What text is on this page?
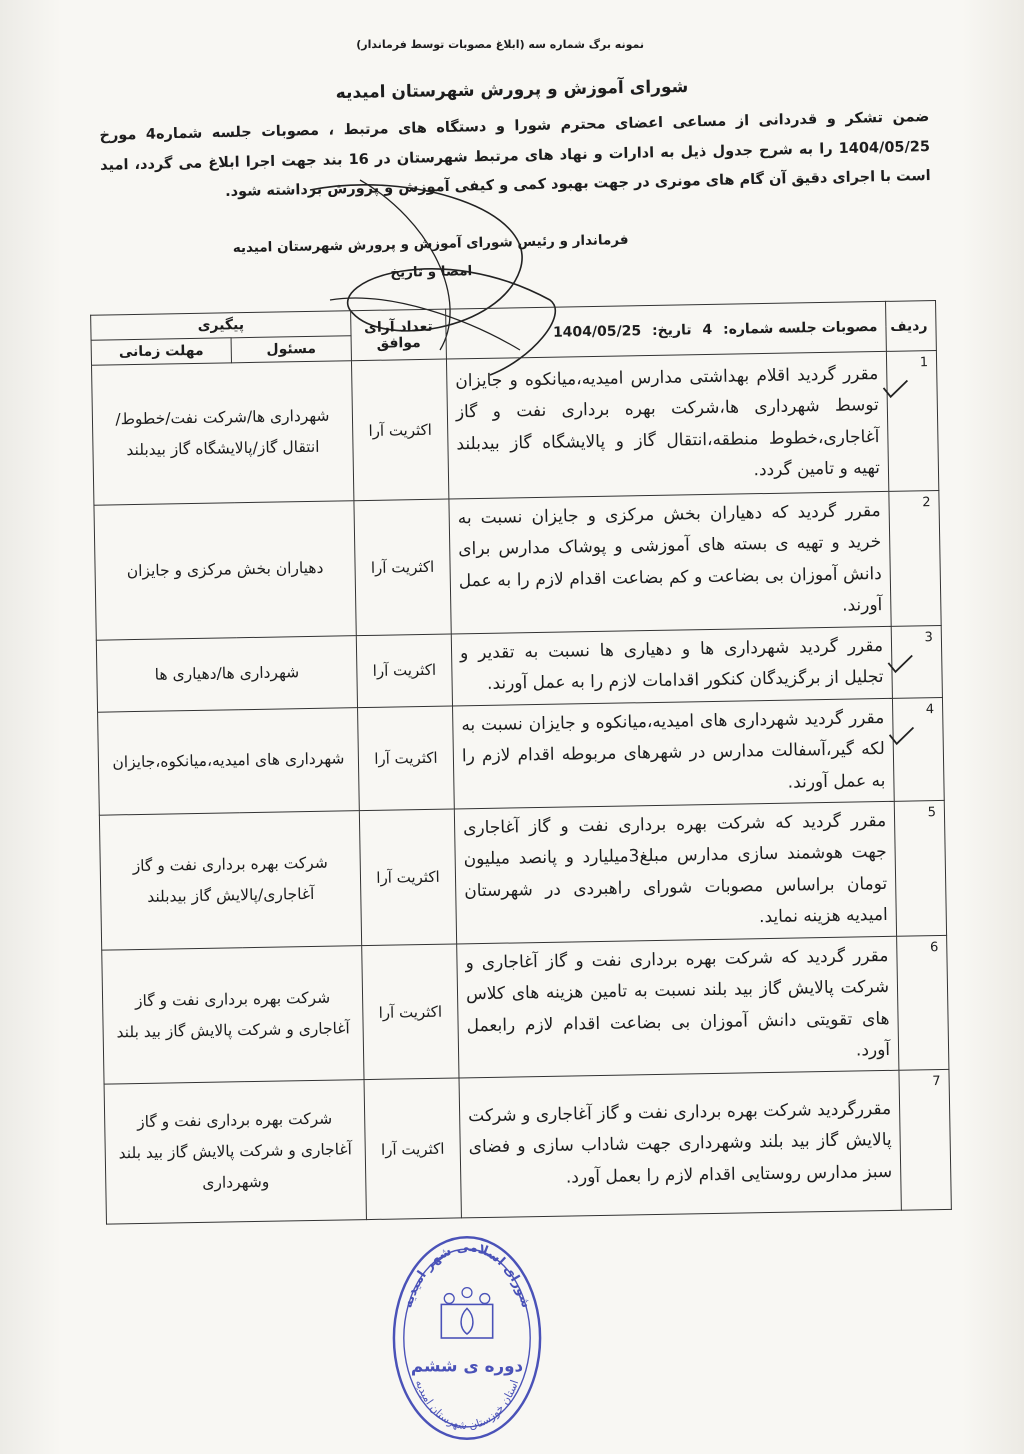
نمونه برگ شماره سه (ابلاغ مصوبات توسط فرماندار)
شورای آموزش و پرورش شهرستان امیدیه
ضمن تشکر و قدردانی از مساعی اعضای محترم شورا و دستگاه های مرتبط ، مصوبات جلسه شماره4 مورخ 1404/05/25 را به شرح جدول ذیل به ادارات و نهاد های مرتبط شهرستان در 16 بند جهت اجرا ابلاغ می گردد، امید است با اجرای دقیق آن گام های مونری در جهت بهبود کمی و کیفی آموزش و پرورش برداشته شود.
فرماندار و رئیس شورای آموزش و پرورش شهرستان امیدیه
امضا و تاریخ
ردیف	مصوبات جلسه شماره: 4 تاریخ: 1404/05/25	تعداد آرای موافق	پیگیری	
			مسئول	مهلت زمانی
1	مقرر گردید اقلام بهداشتی مدارس امیدیه،میانکوه و جایزان توسط شهرداری ها،شرکت بهره برداری نفت و گاز آغاجاری،خطوط منطقه،انتقال گاز و پالایشگاه گاز بیدبلند تهیه و تامین گردد.	اکثریت آرا	شهرداری ها/شرکت نفت/خطوط/انتقال گاز/پالایشگاه گاز بیدبلند	
2	مقرر گردید که دهیاران بخش مرکزی و جایزان نسبت به خرید و تهیه ی بسته های آموزشی و پوشاک مدارس برای دانش آموزان بی بضاعت و کم بضاعت اقدام لازم را به عمل آورند.	اکثریت آرا	دهیاران بخش مرکزی و جایزان	
3	مقرر گردید شهرداری ها و دهیاری ها نسبت به تقدیر و تجلیل از برگزیدگان کنکور اقدامات لازم را به عمل آورند.	اکثریت آرا	شهرداری ها/دهیاری ها	
4	مقرر گردید شهرداری های امیدیه،میانکوه و جایزان نسبت به لکه گیر،آسفالت مدارس در شهرهای مربوطه اقدام لازم را به عمل آورند.	اکثریت آرا	شهرداری های امیدیه،میانکوه،جایزان	
5	مقرر گردید که شرکت بهره برداری نفت و گاز آغاجاری جهت هوشمند سازی مدارس مبلغ3میلیارد و پانصد میلیون تومان براساس مصوبات شورای راهبردی در شهرستان امیدیه هزینه نماید.	اکثریت آرا	شرکت بهره برداری نفت و گاز آغاجاری/پالایش گاز بیدبلند	
6	مقرر گردید که شرکت بهره برداری نفت و گاز آغاجاری و شرکت پالایش گاز بید بلند نسبت به تامین هزینه های کلاس های تقویتی دانش آموزان بی بضاعت اقدام لازم رابعمل آورد.	اکثریت آرا	شرکت بهره برداری نفت و گاز آغاجاری و شرکت پالایش گاز بید بلند	
7	مقررگردید شرکت بهره برداری نفت و گاز آغاجاری و شرکت پالایش گاز بید بلند وشهرداری جهت شاداب سازی و فضای سبز مدارس روستایی اقدام لازم را بعمل آورد.	اکثریت آرا	شرکت بهره برداری نفت و گاز آغاجاری و شرکت پالایش گاز بید بلند وشهرداری	
شورای اسلامی شهر امیدیه
استان خوزستان شهرستان امیدیه
دوره ی ششم
